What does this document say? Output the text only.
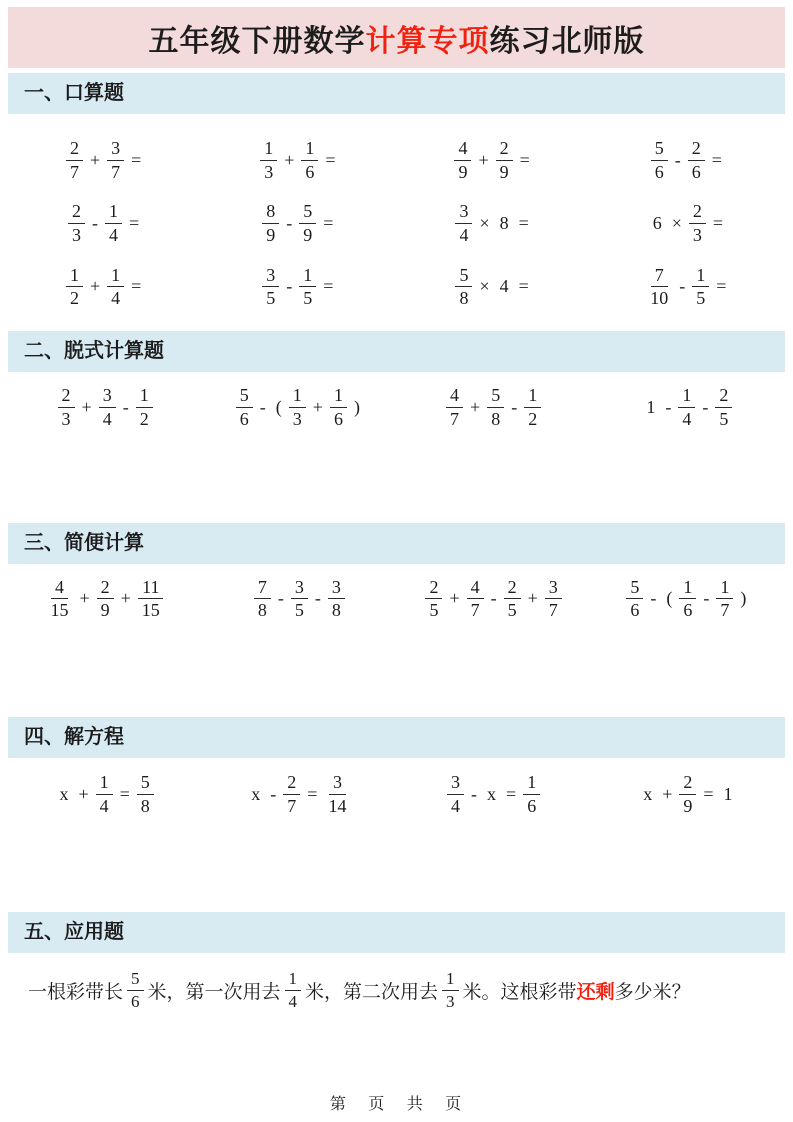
五年级下册数学计算专项练习北师版
一、口算题
$\frac{2}{7} + \frac{3}{7}$ =	$\frac{1}{3} + \frac{1}{6}$ =	$\frac{4}{9} + \frac{2}{9}$ =	$\frac{5}{6} - \frac{2}{6}$ =
$\frac{2}{3} - \frac{1}{4}$ =	$\frac{8}{9} - \frac{5}{9}$ =	$\frac{3}{4} \times 8$ =	$6 \times \frac{2}{3}$ =
$\frac{1}{2} + \frac{1}{4}$ =	$\frac{3}{5} - \frac{1}{5}$ =	$\frac{5}{8} \times 4$ =	$\frac{7}{10} - \frac{1}{5}$ =
二、脱式计算题
$\frac{2}{3} + \frac{3}{4} - \frac{1}{2}$	$\frac{5}{6}$ - ( $\frac{1}{3} + \frac{1}{6}$ )	$\frac{4}{7} + \frac{5}{8} - \frac{1}{2}$	$1 - \frac{1}{4} - \frac{2}{5}$
三、简便计算
$\frac{4}{15} + \frac{2}{9} + \frac{11}{15}$	$\frac{7}{8} - \frac{3}{5} - \frac{3}{8}$	$\frac{2}{5} + \frac{4}{7} - \frac{2}{5} + \frac{3}{7}$	$\frac{5}{6}$ - ( $\frac{1}{6} - \frac{1}{7}$ )
四、解方程
$x + \frac{1}{4} = \frac{5}{8}$	$x - \frac{2}{7} = \frac{3}{14}$	$\frac{3}{4} - x = \frac{1}{6}$	$x + \frac{2}{9} = 1$
五、应用题
一根彩带长 $\frac{5}{6}$ 米，第一次用去 $\frac{1}{4}$ 米，第二次用去 $\frac{1}{3}$ 米。这根彩带 还剩 多少米？
第 页 共 页
